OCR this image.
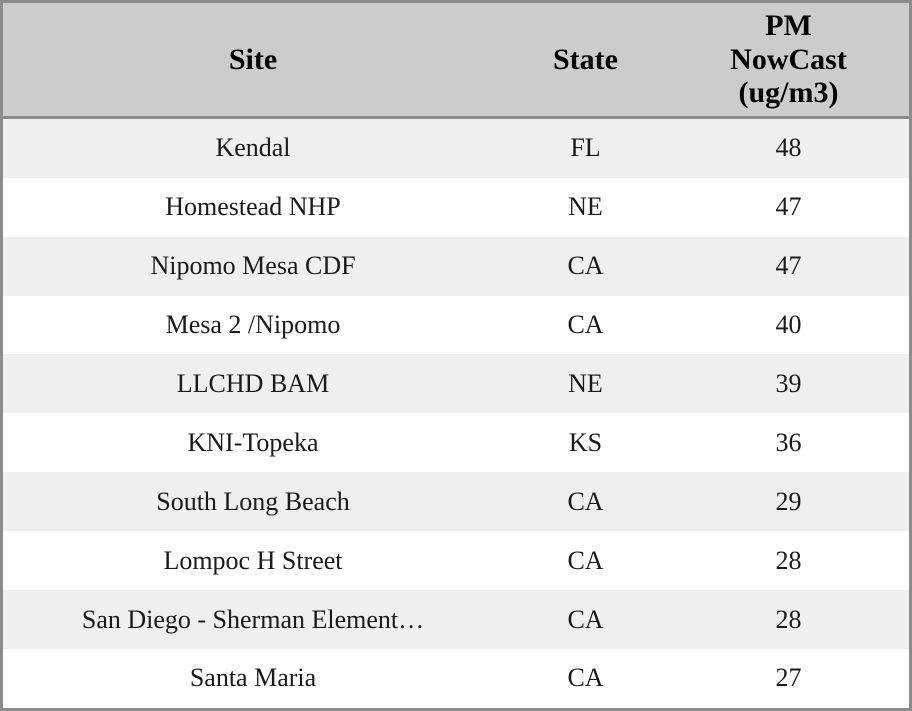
Site	State	PM
NowCast
(ug/m3)

Kendal	FL	48
Homestead NHP	NE	47
Nipomo Mesa CDF	CA	47
Mesa 2 /Nipomo	CA	40
LLCHD BAM	NE	39
KNI-Topeka	KS	36
South Long Beach	CA	29
Lompoc H Street	CA	28
San Diego - Sherman Element…	CA	28
Santa Maria	CA	27
